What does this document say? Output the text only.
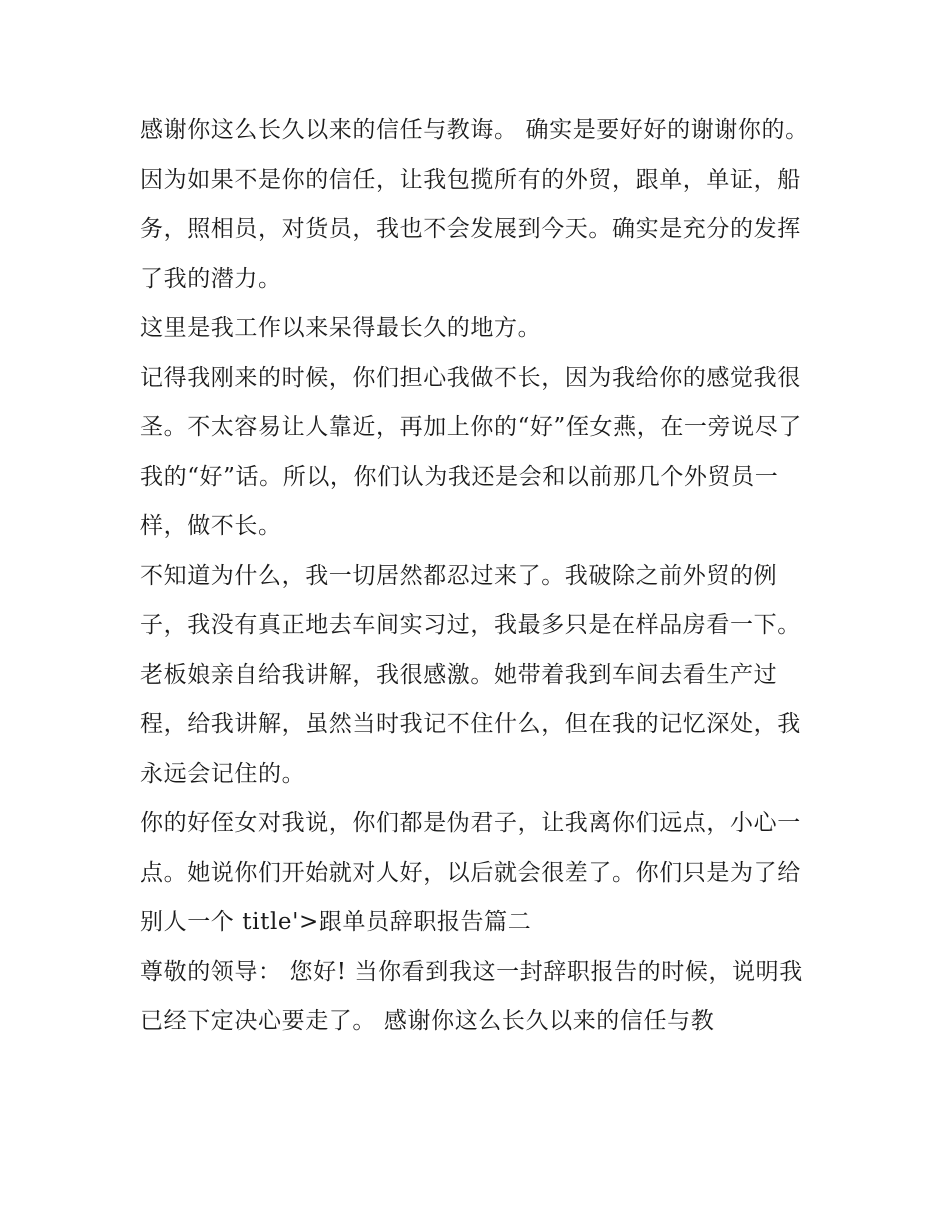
感谢你这么长久以来的信任与教诲。 确实是要好好的谢谢你的。

因为如果不是你的信任，让我包揽所有的外贸，跟单，单证，船务，照相员，对货员，我也不会发展到今天。确实是充分的发挥了我的潜力。

这里是我工作以来呆得最长久的地方。

记得我刚来的时候，你们担心我做不长，因为我给你的感觉我很圣。不太容易让人靠近，再加上你的“好”侄女燕，在一旁说尽了我的“好”话。所以，你们认为我还是会和以前那几个外贸员一样，做不长。

不知道为什么，我一切居然都忍过来了。我破除之前外贸的例子，我没有真正地去车间实习过，我最多只是在样品房看一下。老板娘亲自给我讲解，我很感激。她带着我到车间去看生产过程，给我讲解，虽然当时我记不住什么，但在我的记忆深处，我永远会记住的。

你的好侄女对我说，你们都是伪君子，让我离你们远点，小心一点。她说你们开始就对人好，以后就会很差了。你们只是为了给别人一个 title'>跟单员辞职报告篇二

尊敬的领导： 您好! 当你看到我这一封辞职报告的时候，说明我已经下定决心要走了。 感谢你这么长久以来的信任与教
